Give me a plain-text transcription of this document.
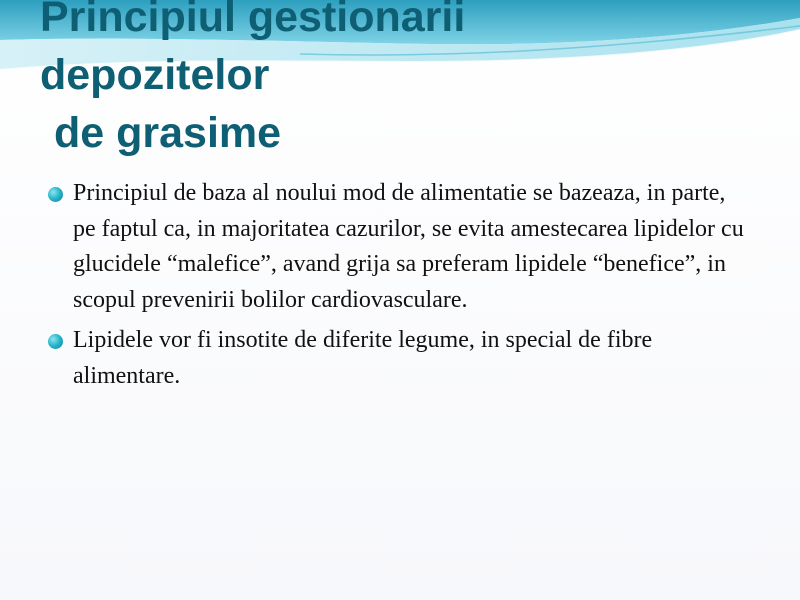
Principiul gestionarii
depozitelor
de grasime
Principiul de baza al noului mod de alimentatie se bazeaza, in parte, pe faptul ca, in majoritatea cazurilor, se evita amestecarea lipidelor cu glucidele “malefice”, avand grija sa preferam lipidele “benefice”, in scopul prevenirii bolilor cardiovasculare.
Lipidele vor fi insotite de diferite legume, in special de fibre alimentare.
